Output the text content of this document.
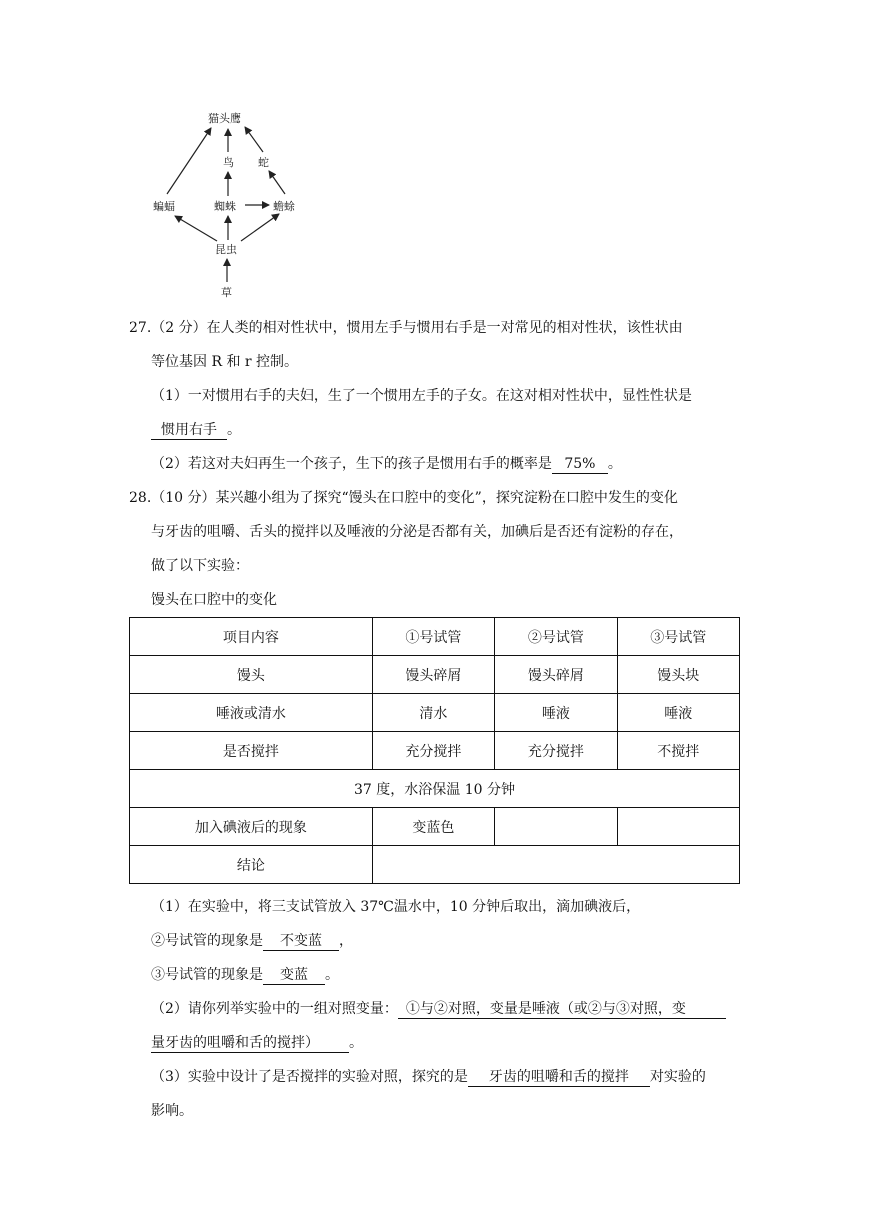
猫头鹰
鸟 蛇
蝙蝠	蜘蛛	蟾蜍
昆虫
草
27.（2 分）在人类的相对性状中，惯用左手与惯用右手是一对常见的相对性状，该性状由
等位基因 R 和 r 控制。
（1）一对惯用右手的夫妇，生了一个惯用左手的子女。在这对相对性状中，显性性状是
惯用右手 。
（2）若这对夫妇再生一个孩子，生下的孩子是惯用右手的概率是 75% 。
28.（10 分）某兴趣小组为了探究“馒头在口腔中的变化”，探究淀粉在口腔中发生的变化
与牙齿的咀嚼、舌头的搅拌以及唾液的分泌是否都有关，加碘后是否还有淀粉的存在，
做了以下实验：
馒头在口腔中的变化
项目内容	①号试管	②号试管	③号试管
馒头	馒头碎屑	馒头碎屑	馒头块
唾液或清水	清水	唾液	唾液
是否搅拌	充分搅拌	充分搅拌	不搅拌
37 度，水浴保温 10 分钟			
加入碘液后的现象	变蓝色		
结论			
（1）在实验中，将三支试管放入 37℃温水中，10 分钟后取出，滴加碘液后，
②号试管的现象是 不变蓝 ，
③号试管的现象是 变蓝 。
（2）请你列举实验中的一组对照变量： ①与②对照，变量是唾液（或②与③对照，变
量牙齿的咀嚼和舌的搅拌） 。
（3）实验中设计了是否搅拌的实验对照，探究的是 牙齿的咀嚼和舌的搅拌 对实验的
影响。
